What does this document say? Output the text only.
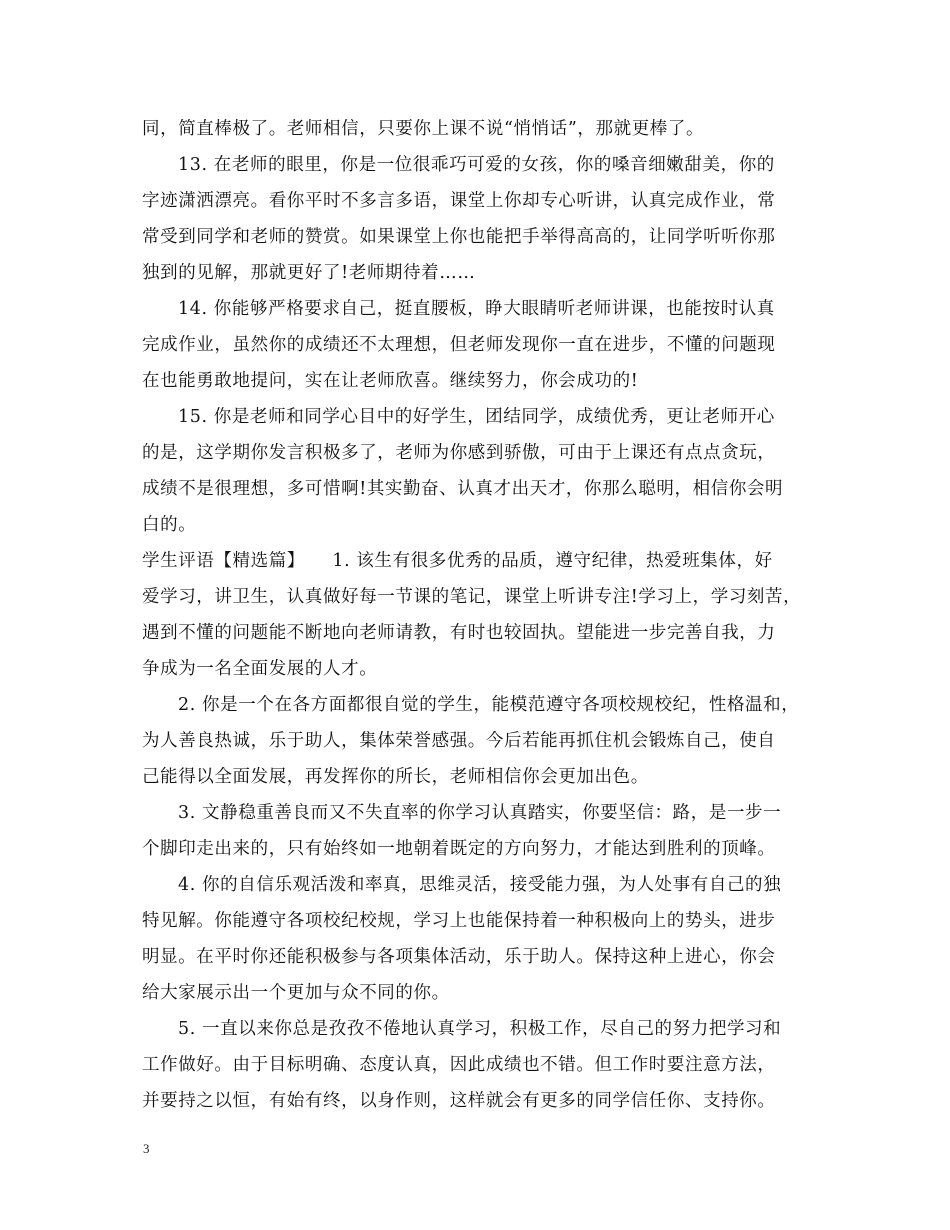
同，简直棒极了。老师相信，只要你上课不说“悄悄话”，那就更棒了。
13. 在老师的眼里，你是一位很乖巧可爱的女孩，你的嗓音细嫩甜美，你的
字迹潇洒漂亮。看你平时不多言多语，课堂上你却专心听讲，认真完成作业，常
常受到同学和老师的赞赏。如果课堂上你也能把手举得高高的，让同学听听你那
独到的见解，那就更好了!老师期待着……
14. 你能够严格要求自己，挺直腰板，睁大眼睛听老师讲课，也能按时认真
完成作业，虽然你的成绩还不太理想，但老师发现你一直在进步，不懂的问题现
在也能勇敢地提问，实在让老师欣喜。继续努力，你会成功的!
15. 你是老师和同学心目中的好学生，团结同学，成绩优秀，更让老师开心
的是，这学期你发言积极多了，老师为你感到骄傲，可由于上课还有点点贪玩，
成绩不是很理想，多可惜啊!其实勤奋、认真才出天才，你那么聪明，相信你会明
白的。
学生评语【精选篇】　　1. 该生有很多优秀的品质，遵守纪律，热爱班集体，好
爱学习，讲卫生，认真做好每一节课的笔记，课堂上听讲专注!学习上，学习刻苦，
遇到不懂的问题能不断地向老师请教，有时也较固执。望能进一步完善自我，力
争成为一名全面发展的人才。
2. 你是一个在各方面都很自觉的学生，能模范遵守各项校规校纪，性格温和，
为人善良热诚，乐于助人，集体荣誉感强。今后若能再抓住机会锻炼自己，使自
己能得以全面发展，再发挥你的所长，老师相信你会更加出色。
3. 文静稳重善良而又不失直率的你学习认真踏实，你要坚信：路，是一步一
个脚印走出来的，只有始终如一地朝着既定的方向努力，才能达到胜利的顶峰。
4. 你的自信乐观活泼和率真，思维灵活，接受能力强，为人处事有自己的独
特见解。你能遵守各项校纪校规，学习上也能保持着一种积极向上的势头，进步
明显。在平时你还能积极参与各项集体活动，乐于助人。保持这种上进心，你会
给大家展示出一个更加与众不同的你。
5. 一直以来你总是孜孜不倦地认真学习，积极工作，尽自己的努力把学习和
工作做好。由于目标明确、态度认真，因此成绩也不错。但工作时要注意方法，
并要持之以恒，有始有终，以身作则，这样就会有更多的同学信任你、支持你。
3
